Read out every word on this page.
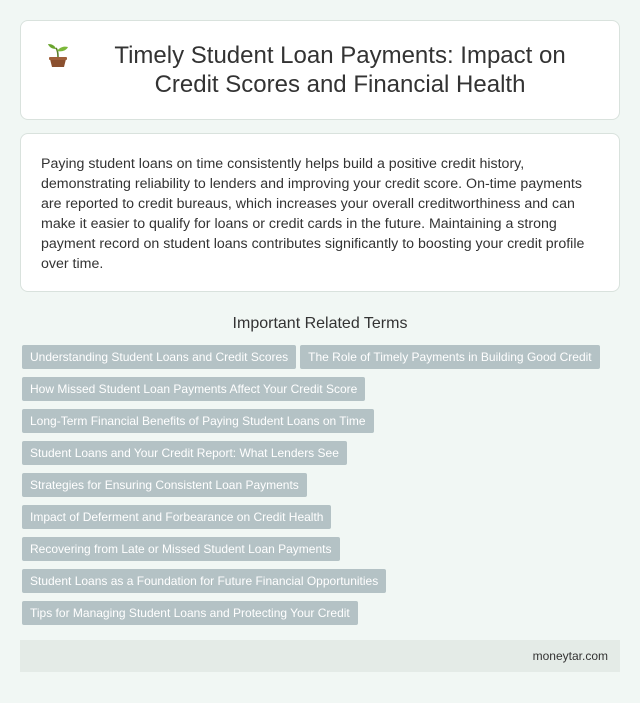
Timely Student Loan Payments: Impact on Credit Scores and Financial Health

Paying student loans on time consistently helps build a positive credit history, demonstrating reliability to lenders and improving your credit score. On-time payments are reported to credit bureaus, which increases your overall creditworthiness and can make it easier to qualify for loans or credit cards in the future. Maintaining a strong payment record on student loans contributes significantly to boosting your credit profile over time.

Important Related Terms
Understanding Student Loans and Credit Scores	The Role of Timely Payments in Building Good Credit
How Missed Student Loan Payments Affect Your Credit Score
Long-Term Financial Benefits of Paying Student Loans on Time
Student Loans and Your Credit Report: What Lenders See
Strategies for Ensuring Consistent Loan Payments
Impact of Deferment and Forbearance on Credit Health
Recovering from Late or Missed Student Loan Payments
Student Loans as a Foundation for Future Financial Opportunities
Tips for Managing Student Loans and Protecting Your Credit
moneytar.com
